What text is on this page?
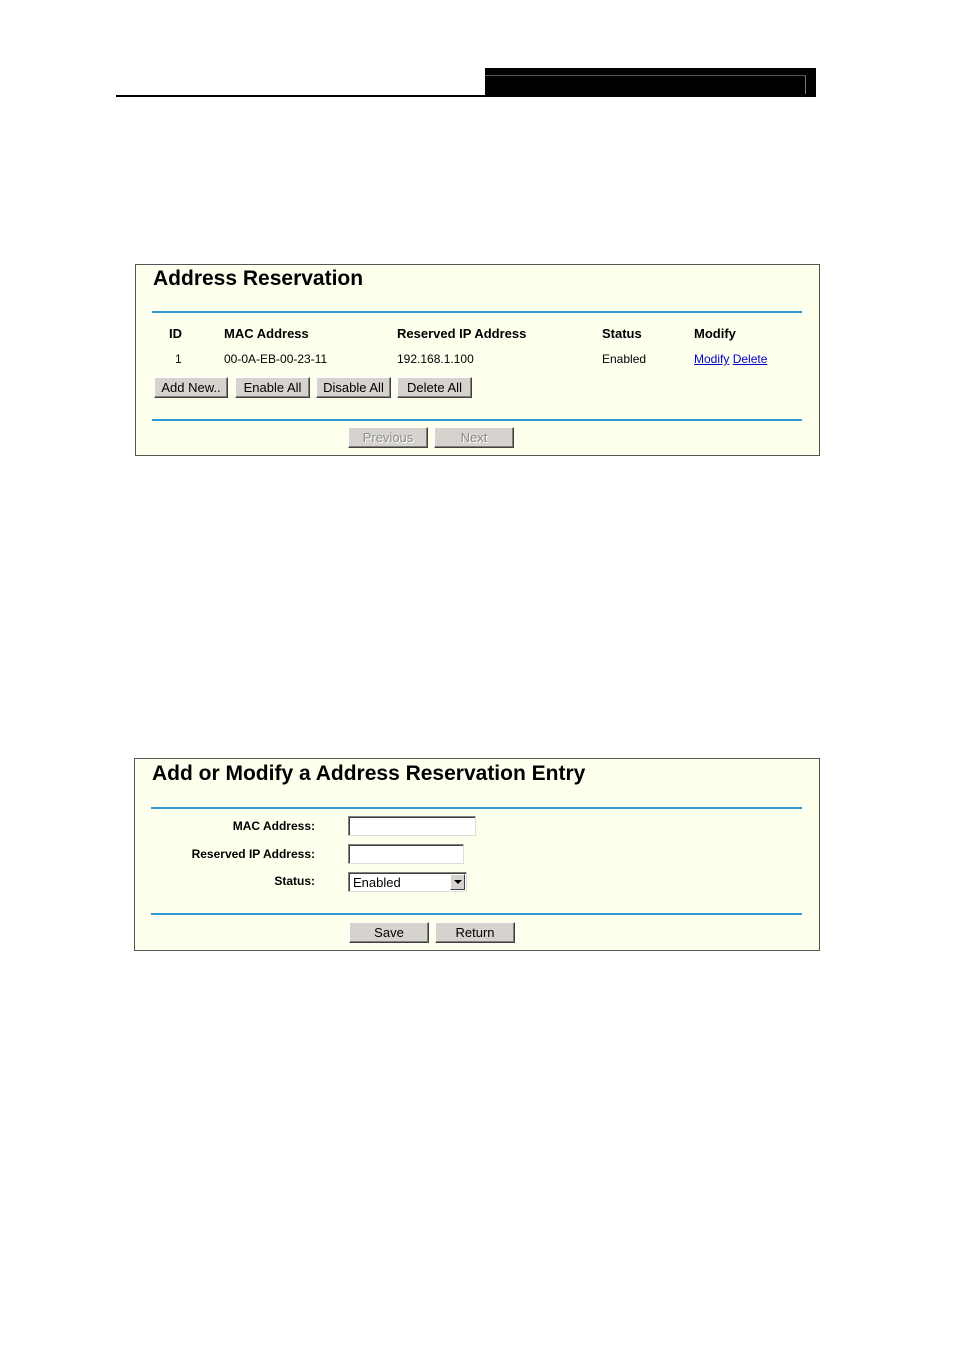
Address Reservation
ID	MAC Address	Reserved IP Address	Status	Modify
1	00-0A-EB-00-23-11	192.168.1.100	Enabled	Modify Delete
Add New..	Enable All	Disable All	Delete All
Previous	Next
Add or Modify a Address Reservation Entry
MAC Address:
Reserved IP Address:
Status:	Enabled
Save	Return
